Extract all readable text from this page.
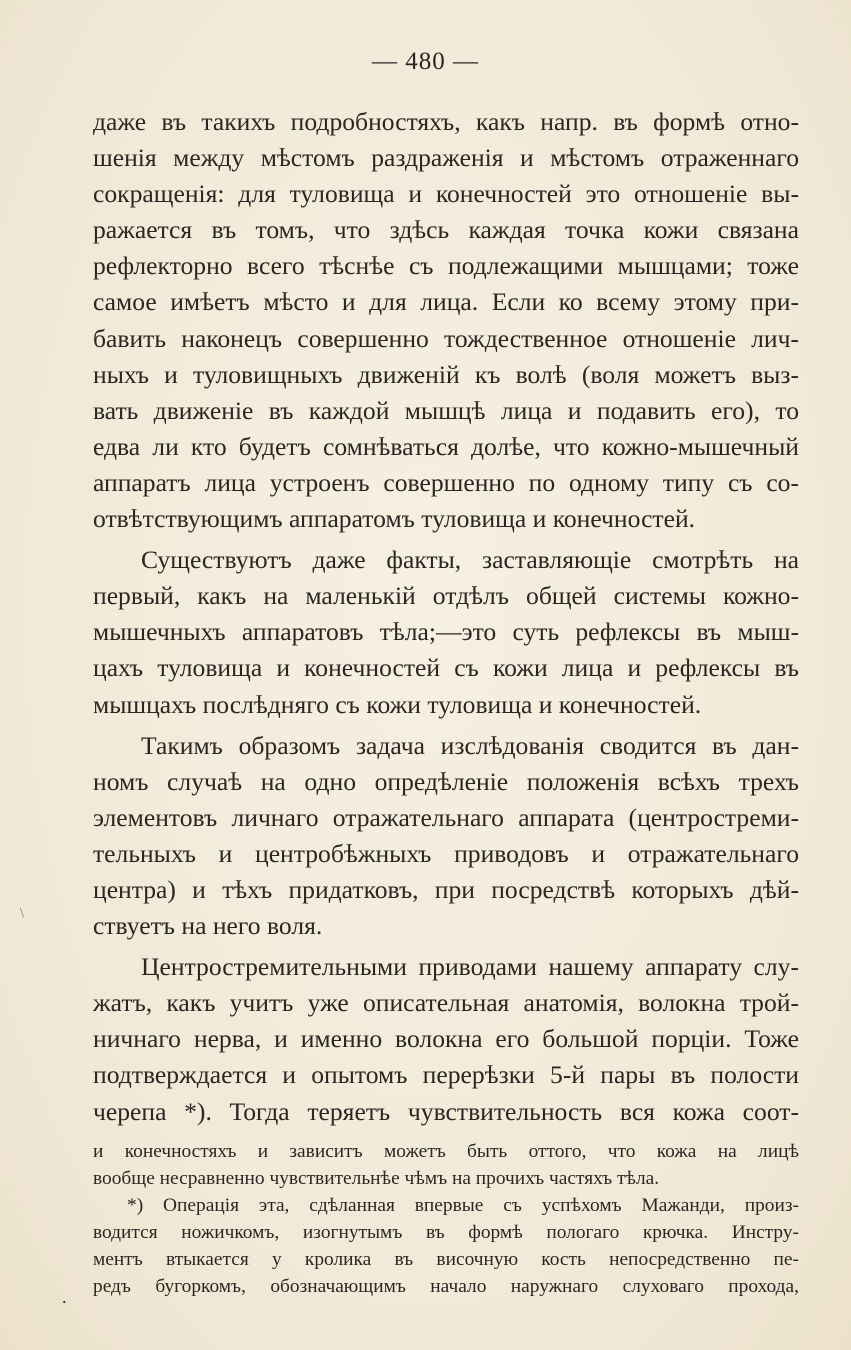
— 480 —
даже въ такихъ подробностяхъ, какъ напр. въ формѣ отно-
шенія между мѣстомъ раздраженія и мѣстомъ отраженнаго
сокращенія: для туловища и конечностей это отношеніе вы-
ражается въ томъ, что здѣсь каждая точка кожи связана
рефлекторно всего тѣснѣе съ подлежащими мышцами; тоже
самое имѣетъ мѣсто и для лица. Если ко всему этому при-
бавить наконецъ совершенно тождественное отношеніе лич-
ныхъ и туловищныхъ движеній къ волѣ (воля можетъ выз-
вать движеніе въ каждой мышцѣ лица и подавить его), то
едва ли кто будетъ сомнѣваться долѣе, что кожно-мышечный
аппаратъ лица устроенъ совершенно по одному типу съ со-
отвѣтствующимъ аппаратомъ туловища и конечностей.
Существуютъ даже факты, заставляющіе смотрѣть на
первый, какъ на маленькій отдѣлъ общей системы кожно-
мышечныхъ аппаратовъ тѣла;—это суть рефлексы въ мыш-
цахъ туловища и конечностей съ кожи лица и рефлексы въ
мышцахъ послѣдняго съ кожи туловища и конечностей.
Такимъ образомъ задача изслѣдованія сводится въ дан-
номъ случаѣ на одно опредѣленіе положенія всѣхъ трехъ
элементовъ личнаго отражательнаго аппарата (центростреми-
тельныхъ и центробѣжныхъ приводовъ и отражательнаго
центра) и тѣхъ придатковъ, при посредствѣ которыхъ дѣй-
ствуетъ на него воля.
Центростремительными приводами нашему аппарату слу-
жатъ, какъ учитъ уже описательная анатомія, волокна трой-
ничнаго нерва, и именно волокна его большой порціи. Тоже
подтверждается и опытомъ перерѣзки 5-й пары въ полости
черепа *). Тогда теряетъ чувствительность вся кожа соот-
и конечностяхъ и зависитъ можетъ быть оттого, что кожа на лицѣ
вообще несравненно чувствительнѣе чѣмъ на прочихъ частяхъ тѣла.
*) Операція эта, сдѣланная впервые съ успѣхомъ Мажанди, произ-
водится ножичкомъ, изогнутымъ въ формѣ пологаго крючка. Инстру-
ментъ втыкается у кролика въ височную кость непосредственно пе-
редъ бугоркомъ, обозначающимъ начало наружнаго слуховаго прохода,
.
\
